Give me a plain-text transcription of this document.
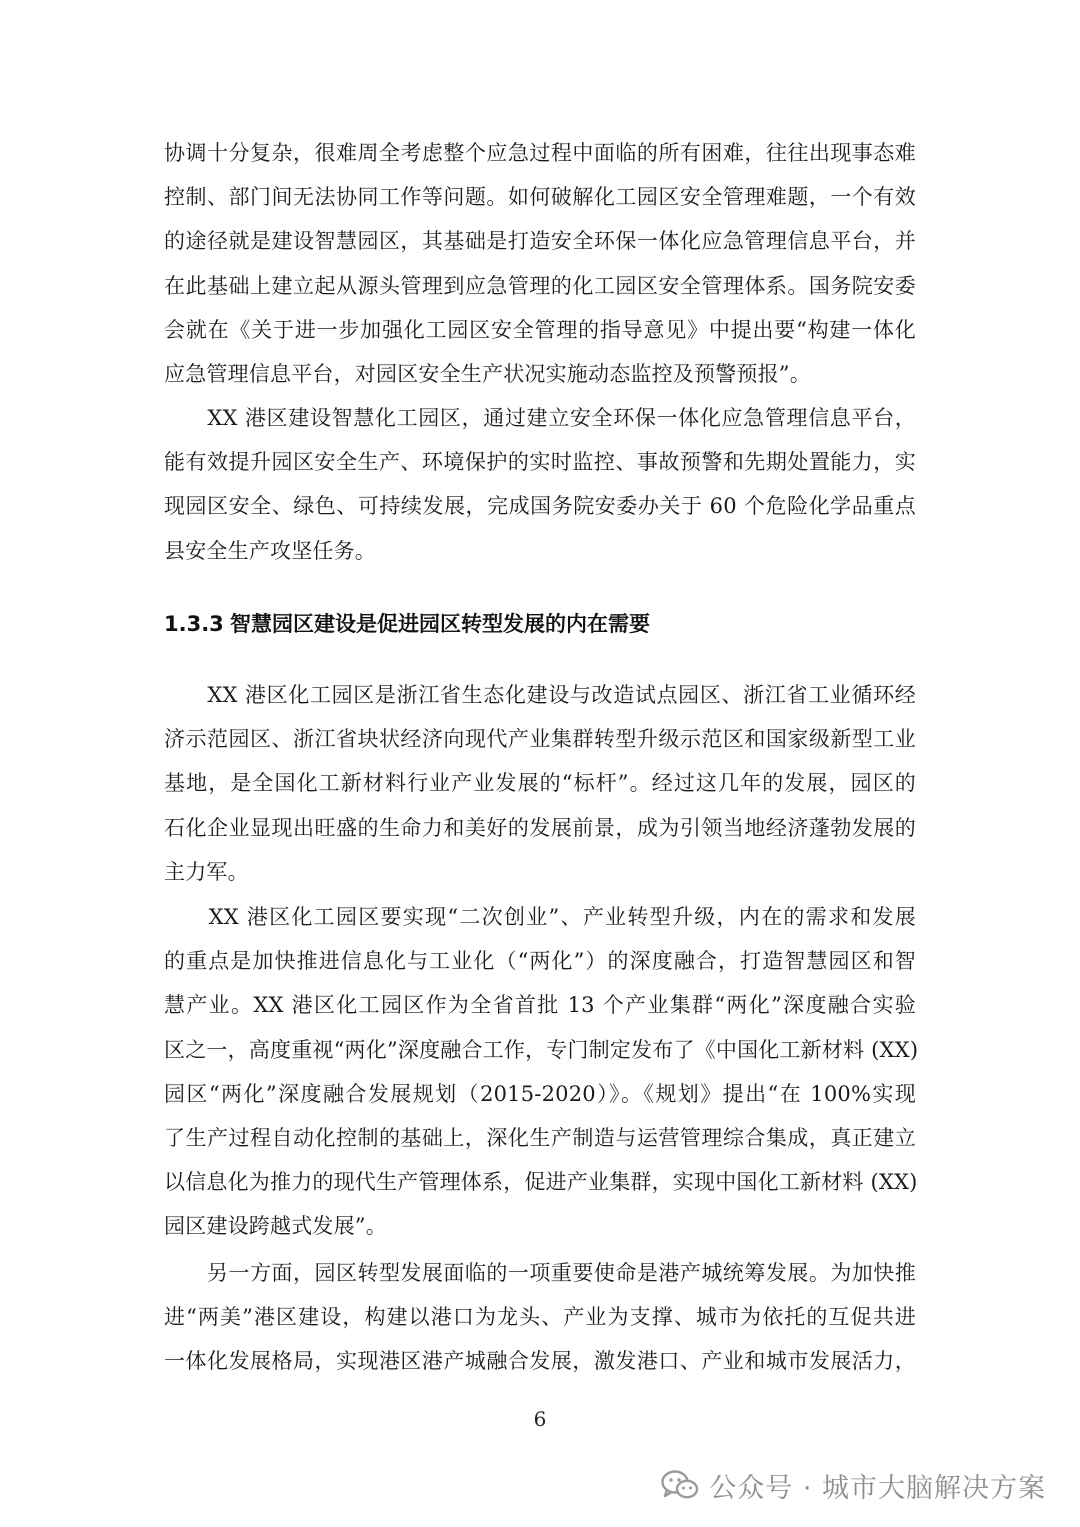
协调十分复杂，很难周全考虑整个应急过程中面临的所有困难，往往出现事态难
控制、部门间无法协同工作等问题。如何破解化工园区安全管理难题，一个有效
的途径就是建设智慧园区，其基础是打造安全环保一体化应急管理信息平台，并
在此基础上建立起从源头管理到应急管理的化工园区安全管理体系。国务院安委
会就在《关于进一步加强化工园区安全管理的指导意见》中提出要“构建一体化
应急管理信息平台，对园区安全生产状况实施动态监控及预警预报”。
　　XX 港区建设智慧化工园区，通过建立安全环保一体化应急管理信息平台，
能有效提升园区安全生产、环境保护的实时监控、事故预警和先期处置能力，实
现园区安全、绿色、可持续发展，完成国务院安委办关于 60 个危险化学品重点
县安全生产攻坚任务。
1.3.3 智慧园区建设是促进园区转型发展的内在需要
　　XX 港区化工园区是浙江省生态化建设与改造试点园区、浙江省工业循环经
济示范园区、浙江省块状经济向现代产业集群转型升级示范区和国家级新型工业
基地，是全国化工新材料行业产业发展的“标杆”。经过这几年的发展，园区的
石化企业显现出旺盛的生命力和美好的发展前景，成为引领当地经济蓬勃发展的
主力军。
　　XX 港区化工园区要实现“二次创业”、产业转型升级，内在的需求和发展
的重点是加快推进信息化与工业化（“两化”）的深度融合，打造智慧园区和智
慧产业。XX 港区化工园区作为全省首批 13 个产业集群“两化”深度融合实验
区之一，高度重视“两化”深度融合工作，专门制定发布了《中国化工新材料 (XX)
园区“两化”深度融合发展规划（2015-2020）》。《规划》提出“在 100%实现
了生产过程自动化控制的基础上，深化生产制造与运营管理综合集成，真正建立
以信息化为推力的现代生产管理体系，促进产业集群，实现中国化工新材料 (XX)
园区建设跨越式发展”。
　　另一方面，园区转型发展面临的一项重要使命是港产城统筹发展。为加快推
进“两美”港区建设，构建以港口为龙头、产业为支撑、城市为依托的互促共进
一体化发展格局，实现港区港产城融合发展，激发港口、产业和城市发展活力，
6
公众号 · 城市大脑解决方案
